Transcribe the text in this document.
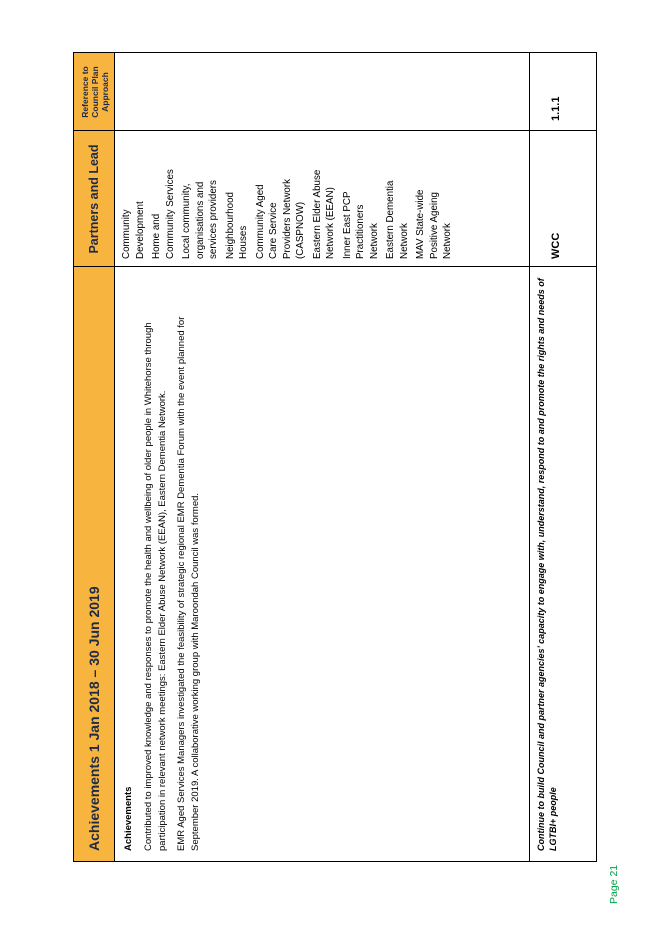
Achievements 1 Jan 2018 – 30 Jun 2019
Partners and Lead
Reference to Council Plan Approach
Achievements Contributed to improved knowledge and responses to promote the health and wellbeing of older people in Whitehorse through participation in relevant network meetings: Eastern Elder Abuse Network (EEAN), Eastern Dementia Network. EMR Aged Services Managers investigated the feasibility of strategic regional EMR Dementia Forum with the event planned for September 2019. A collaborative working group with Maroondah Council was formed.

Community Development Home and Community Services Local community, organisations and services providers Neighbourhood Houses Community Aged Care Service Providers Network (CASPNOW) Eastern Elder Abuse Network (EEAN) Inner East PCP Practitioners Network Eastern Dementia Network MAV State-wide Positive Ageing Network
Continue to build Council and partner agencies’ capacity to engage with, understand, respond to and promote the rights and needs of LGTBI+ people
WCC
1.1.1
Page 21
